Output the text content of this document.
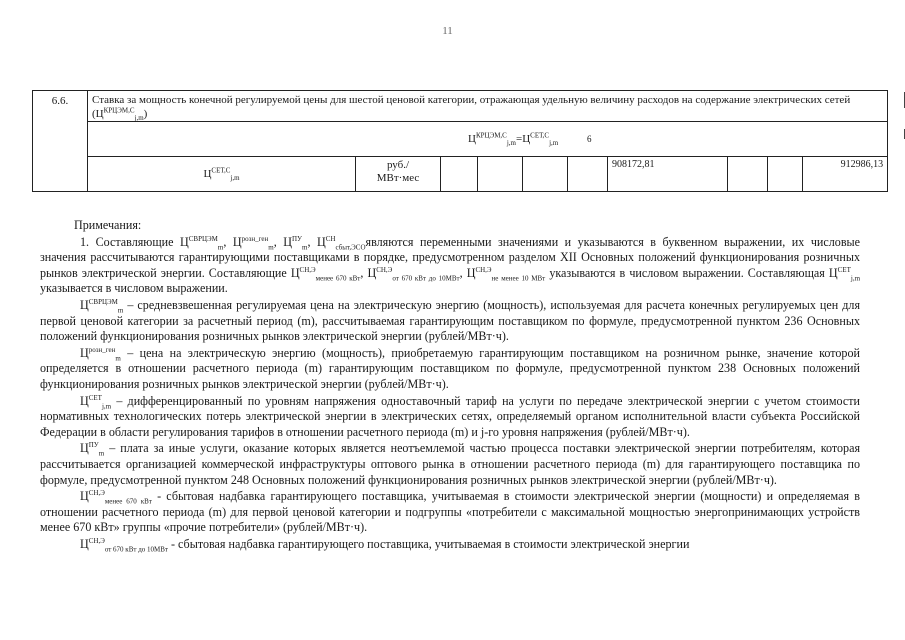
11
6.6.	Ставка за мощность конечной регулируемой цены для шестой ценовой категории, отражающая удельную величину расходов на содержание электрических сетей $(Ц^{КРЦЭМ,С}_{j,m})$									
	$Ц^{КРЦЭМ,С}_{j,m}=Ц^{СЕТ,С}_{j,m}$ 6									
	$Ц^{СЕТ,С}_{j,m}$	руб./
МВт·мес					908172,81			912986,13

Примечания:

1. Составляющие $Ц^{СВРЦЭМ}_m$, $Ц^{розн\_ген}_m$, $Ц^{ПУ}_m$, $Ц^{СН}_{сбыт,ЭСО}являются$ переменными значениями и указываются в буквенном выражении, их числовые значения рассчитываются гарантирующими поставщиками в порядке, предусмотренном разделом XII Основных положений функционирования розничных рынков электрической энергии. Составляющие $Ц^{СН,Э}_{менее 670 кВт}$, $Ц^{СН,Э}_{от 670 кВт до 10МВт}$, $Ц^{СН,Э}_{не менее 10 МВт}$ указываются в числовом выражении. Составляющая $Ц^{СЕТ}_{j,m}$ указывается в числовом выражении.

$Ц^{СВРЦЭМ}_m$ – средневзвешенная регулируемая цена на электрическую энергию (мощность), используемая для расчета конечных регулируемых цен для первой ценовой категории за расчетный период (m), рассчитываемая гарантирующим поставщиком по формуле, предусмотренной пунктом 236 Основных положений функционирования розничных рынков электрической энергии (рублей/МВт·ч).

$Ц^{розн\_ген}_m$ – цена на электрическую энергию (мощность), приобретаемую гарантирующим поставщиком на розничном рынке, значение которой определяется в отношении расчетного периода (m) гарантирующим поставщиком по формуле, предусмотренной пунктом 238 Основных положений функционирования розничных рынков электрической энергии (рублей/МВт·ч).

$Ц^{СЕТ}_{j,m}$ – дифференцированный по уровням напряжения одноставочный тариф на услуги по передаче электрической энергии с учетом стоимости нормативных технологических потерь электрической энергии в электрических сетях, определяемый органом исполнительной власти субъекта Российской Федерации в области регулирования тарифов в отношении расчетного периода (m) и j-го уровня напряжения (рублей/МВт·ч).

$Ц^{ПУ}_m$ – плата за иные услуги, оказание которых является неотъемлемой частью процесса поставки электрической энергии потребителям, которая рассчитывается организацией коммерческой инфраструктуры оптового рынка в отношении расчетного периода (m) для гарантирующего поставщика по формуле, предусмотренной пунктом 248 Основных положений функционирования розничных рынков электрической энергии (рублей/МВт·ч).

$Ц^{СН,Э}_{менее 670 кВт}$ - сбытовая надбавка гарантирующего поставщика, учитываемая в стоимости электрической энергии (мощности) и определяемая в отношении расчетного периода (m) для первой ценовой категории и подгруппы «потребители с максимальной мощностью энергопринимающих устройств менее 670 кВт» группы «прочие потребители» (рублей/МВт·ч).

$Ц^{СН,Э}_{от 670 кВт до 10МВт}$ - сбытовая надбавка гарантирующего поставщика, учитываемая в стоимости электрической энергии
